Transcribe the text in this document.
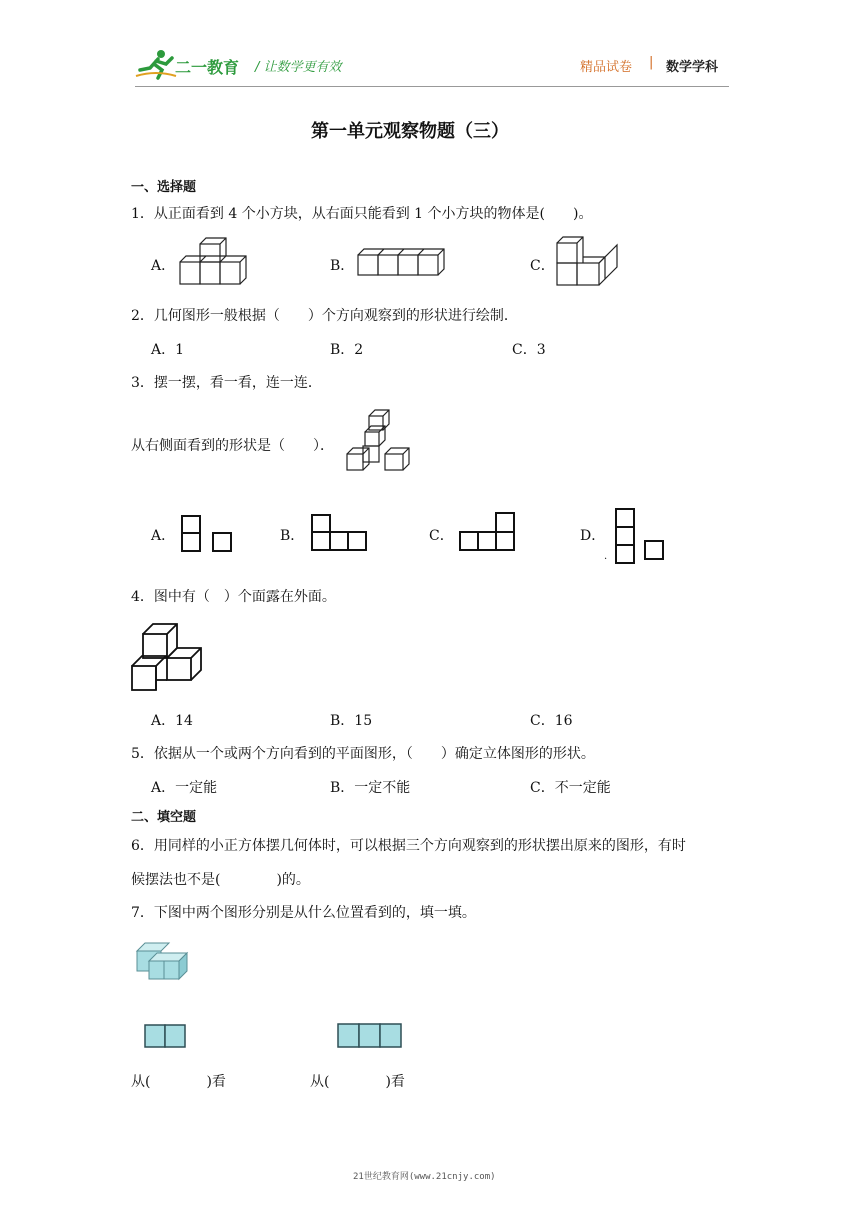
二一教育 / 让数学更有效	精品试卷 | 数学学科
第一单元观察物题（三）
一、选择题
1．从正面看到 4 个小方块，从右面只能看到 1 个小方块的物体是(　　)。
A．	B．	C．
2．几何图形一般根据（　　）个方向观察到的形状进行绘制．
A．1	B．2	C．3
3．摆一摆，看一看，连一连．
从右侧面看到的形状是（　　）．
A．	B．	C．	D．
.
4．图中有（　）个面露在外面。
A．14	B．15	C．16
5．依据从一个或两个方向看到的平面图形，（　　）确定立体图形的形状。
A．一定能	B．一定不能	C．不一定能
二、填空题
6．用同样的小正方体摆几何体时，可以根据三个方向观察到的形状摆出原来的图形，有时
候摆法也不是(　　　　)的。
7．下图中两个图形分别是从什么位置看到的，填一填。
从(　　　　)看	从(　　　　)看
21世纪教育网(www.21cnjy.com)
